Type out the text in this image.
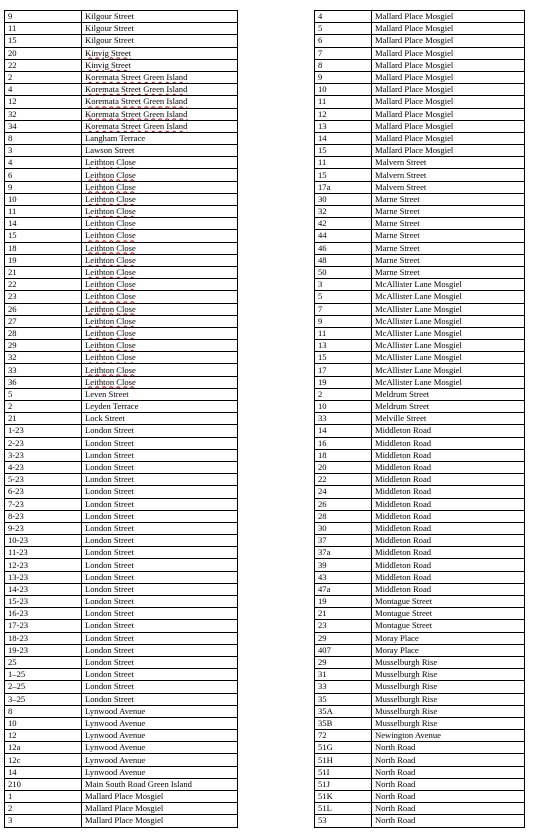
9	Kilgour Street
11	Kilgour Street
15	Kilgour Street
20	Kinvig Street
22	Kinvig Street
2	Koremata Street Green Island
4	Koremata Street Green Island
12	Koremata Street Green Island
32	Koremata Street Green Island
34	Koremata Street Green Island
8	Langham Terrace
3	Lawson Street
4	Leithton Close
6	Leithton Close
9	Leithton Close
10	Leithton Close
11	Leithton Close
14	Leithton Close
15	Leithton Close
18	Leithton Close
19	Leithton Close
21	Leithton Close
22	Leithton Close
23	Leithton Close
26	Leithton Close
27	Leithton Close
28	Leithton Close
29	Leithton Close
32	Leithton Close
33	Leithton Close
36	Leithton Close
5	Leven Street
2	Leyden Terrace
21	Lock Street
1-23	London Street
2-23	London Street
3-23	London Street
4-23	London Street
5-23	London Street
6-23	London Street
7-23	London Street
8-23	London Street
9-23	London Street
10-23	London Street
11-23	London Street
12-23	London Street
13-23	London Street
14-23	London Street
15-23	London Street
16-23	London Street
17-23	London Street
18-23	London Street
19-23	London Street
25	London Street
1–25	London Street
2–25	London Street
3–25	London Street
8	Lynwood Avenue
10	Lynwood Avenue
12	Lynwood Avenue
12a	Lynwood Avenue
12c	Lynwood Avenue
14	Lynwood Avenue
210	Main South Road Green Island
1	Mallard Place Mosgiel
2	Mallard Place Mosgiel
3	Mallard Place Mosgiel
4	Mallard Place Mosgiel
5	Mallard Place Mosgiel
6	Mallard Place Mosgiel
7	Mallard Place Mosgiel
8	Mallard Place Mosgiel
9	Mallard Place Mosgiel
10	Mallard Place Mosgiel
11	Mallard Place Mosgiel
12	Mallard Place Mosgiel
13	Mallard Place Mosgiel
14	Mallard Place Mosgiel
15	Mallard Place Mosgiel
11	Malvern Street
15	Malvern Street
17a	Malvern Street
30	Marne Street
32	Marne Street
42	Marne Street
44	Marne Street
46	Marne Street
48	Marne Street
50	Marne Street
3	McAllister Lane Mosgiel
5	McAllister Lane Mosgiel
7	McAllister Lane Mosgiel
9	McAllister Lane Mosgiel
11	McAllister Lane Mosgiel
13	McAllister Lane Mosgiel
15	McAllister Lane Mosgiel
17	McAllister Lane Mosgiel
19	McAllister Lane Mosgiel
2	Meldrum Street
10	Meldrum Street
33	Melville Street
14	Middleton Road
16	Middleton Road
18	Middleton Road
20	Middleton Road
22	Middleton Road
24	Middleton Road
26	Middleton Road
28	Middleton Road
30	Middleton Road
37	Middleton Road
37a	Middleton Road
39	Middleton Road
43	Middleton Road
47a	Middleton Road
19	Montague Street
21	Montague Street
23	Montague Street
29	Moray Place
407	Moray Place
29	Musselburgh Rise
31	Musselburgh Rise
33	Musselburgh Rise
35	Musselburgh Rise
35A	Musselburgh Rise
35B	Musselburgh Rise
72	Newington Avenue
51G	North Road
51H	North Road
51I	North Road
51J	North Road
51K	North Road
51L	North Road
53	North Road
